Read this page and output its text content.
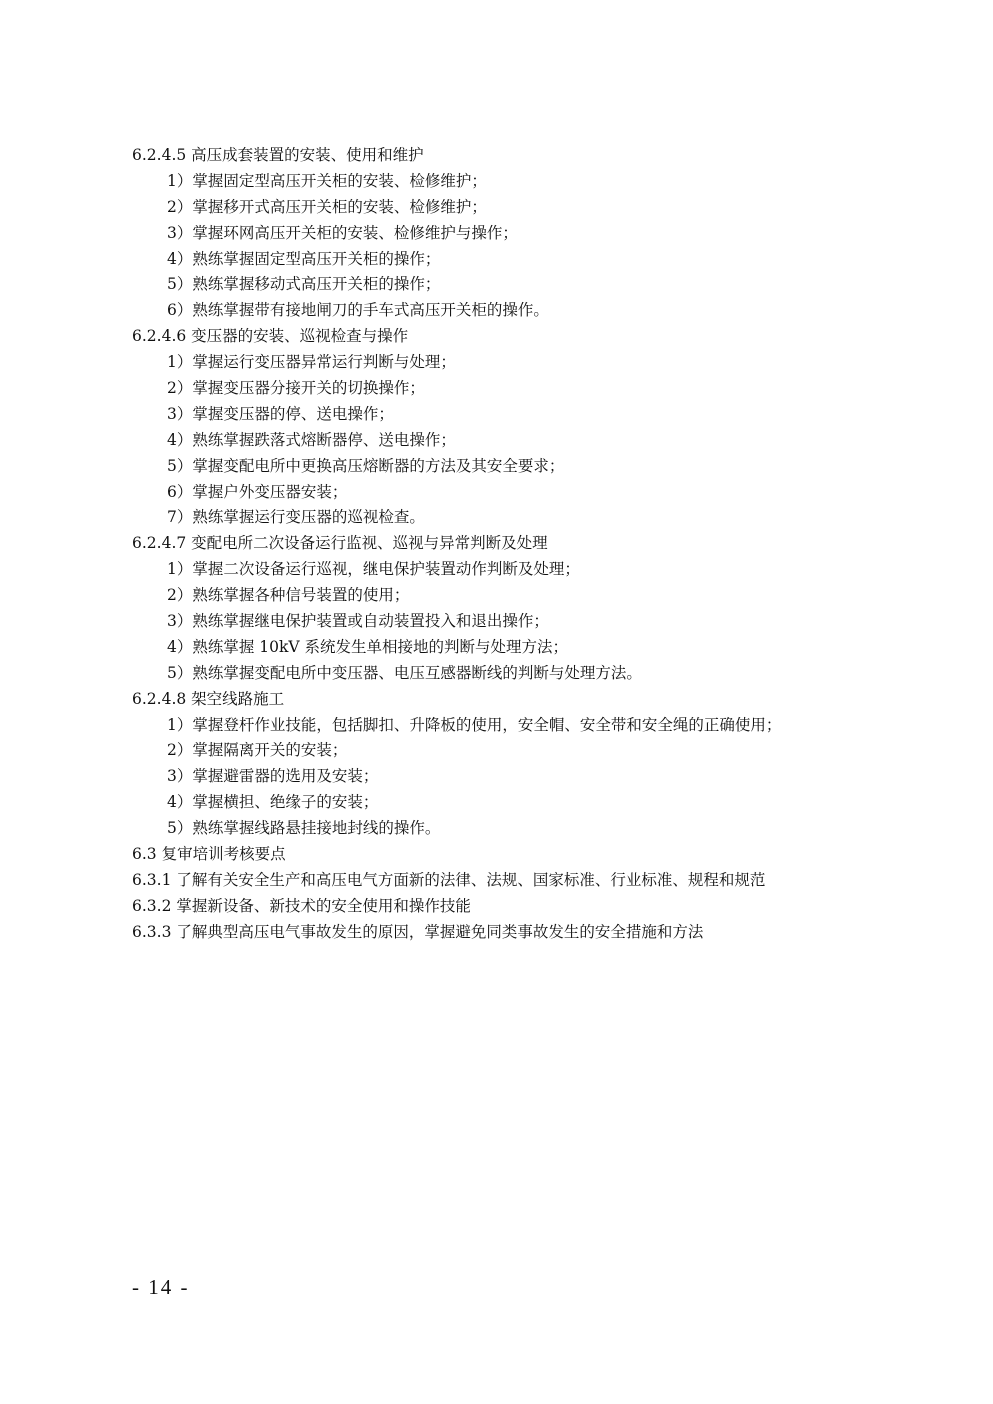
6.2.4.5 高压成套装置的安装、使用和维护
1）掌握固定型高压开关柜的安装、检修维护；
2）掌握移开式高压开关柜的安装、检修维护；
3）掌握环网高压开关柜的安装、检修维护与操作；
4）熟练掌握固定型高压开关柜的操作；
5）熟练掌握移动式高压开关柜的操作；
6）熟练掌握带有接地闸刀的手车式高压开关柜的操作。
6.2.4.6 变压器的安装、巡视检查与操作
1）掌握运行变压器异常运行判断与处理；
2）掌握变压器分接开关的切换操作；
3）掌握变压器的停、送电操作；
4）熟练掌握跌落式熔断器停、送电操作；
5）掌握变配电所中更换高压熔断器的方法及其安全要求；
6）掌握户外变压器安装；
7）熟练掌握运行变压器的巡视检查。
6.2.4.7 变配电所二次设备运行监视、巡视与异常判断及处理
1）掌握二次设备运行巡视，继电保护装置动作判断及处理；
2）熟练掌握各种信号装置的使用；
3）熟练掌握继电保护装置或自动装置投入和退出操作；
4）熟练掌握 10kV 系统发生单相接地的判断与处理方法；
5）熟练掌握变配电所中变压器、电压互感器断线的判断与处理方法。
6.2.4.8 架空线路施工
1）掌握登杆作业技能，包括脚扣、升降板的使用，安全帽、安全带和安全绳的正确使用；
2）掌握隔离开关的安装；
3）掌握避雷器的选用及安装；
4）掌握横担、绝缘子的安装；
5）熟练掌握线路悬挂接地封线的操作。
6.3 复审培训考核要点
6.3.1 了解有关安全生产和高压电气方面新的法律、法规、国家标准、行业标准、规程和规范
6.3.2 掌握新设备、新技术的安全使用和操作技能
6.3.3 了解典型高压电气事故发生的原因，掌握避免同类事故发生的安全措施和方法
- 14 -
